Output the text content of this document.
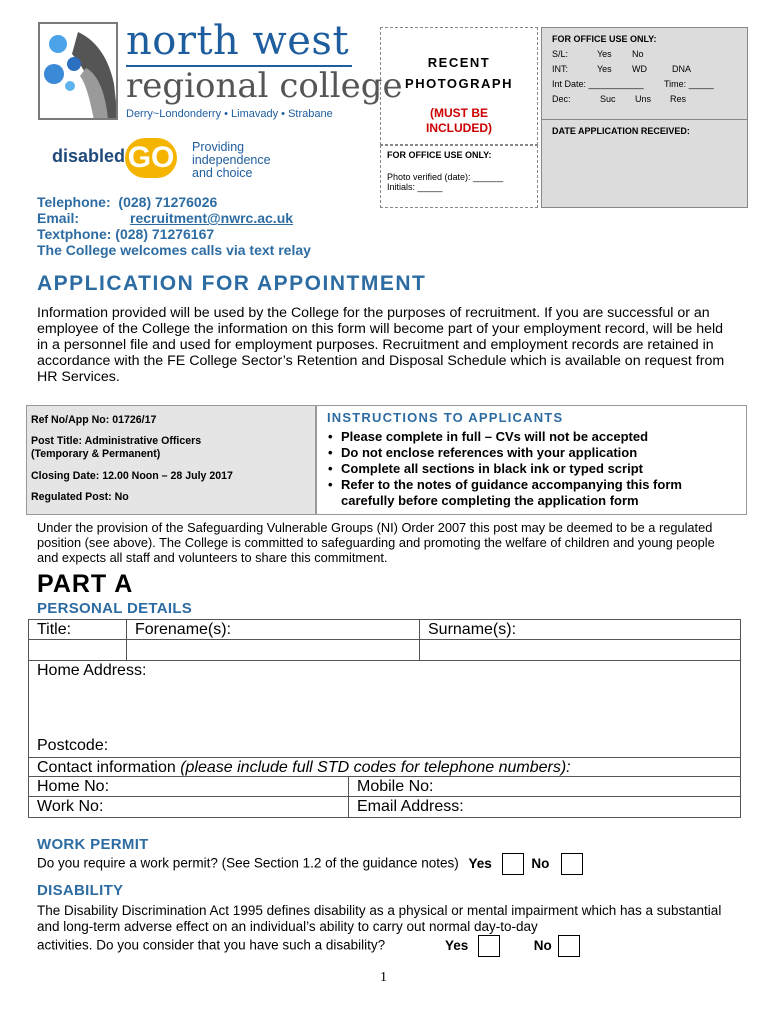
north west
regional college
Derry~Londonderry • Limavady • Strabane
disabledGO Providing
independence
and choice
Telephone: (028) 71276026
Email:	recruitment@nwrc.ac.uk
Textphone: (028) 71276167
The College welcomes calls via text relay
RECENT
PHOTOGRAPH
(MUST BE
INCLUDED)
FOR OFFICE USE ONLY:
Photo verified (date): ______
Initials: _____
FOR OFFICE USE ONLY:
S/L:	Yes	No
INT:	Yes	WD	DNA
Int Date: ___________	Time: _____
Dec:	Suc	Uns	Res
DATE APPLICATION RECEIVED:
APPLICATION FOR APPOINTMENT
Information provided will be used by the College for the purposes of recruitment. If you are successful or an employee of the College the information on this form will become part of your employment record, will be held in a personnel file and used for employment purposes. Recruitment and employment records are retained in accordance with the FE College Sector’s Retention and Disposal Schedule which is available on request from HR Services.
Ref No/App No: 01726/17
Post Title: Administrative Officers
(Temporary & Permanent)
Closing Date: 12.00 Noon – 28 July 2017
Regulated Post: No
INSTRUCTIONS TO APPLICANTS
• Please complete in full – CVs will not be accepted
• Do not enclose references with your application
• Complete all sections in black ink or typed script
• Refer to the notes of guidance accompanying this form carefully before completing the application form
Under the provision of the Safeguarding Vulnerable Groups (NI) Order 2007 this post may be deemed to be a regulated position (see above). The College is committed to safeguarding and promoting the welfare of children and young people and expects all staff and volunteers to share this commitment.
PART A
PERSONAL DETAILS
Title:	Forename(s):	Surname(s):
Home Address:
Postcode:
Contact information (please include full STD codes for telephone numbers):
Home No:	Mobile No:
Work No:	Email Address:
WORK PERMIT
Do you require a work permit? (See Section 1.2 of the guidance notes) Yes	No
DISABILITY
The Disability Discrimination Act 1995 defines disability as a physical or mental impairment which has a substantial and long-term adverse effect on an individual’s ability to carry out normal day-to-day
activities. Do you consider that you have such a disability?	Yes	No
1
